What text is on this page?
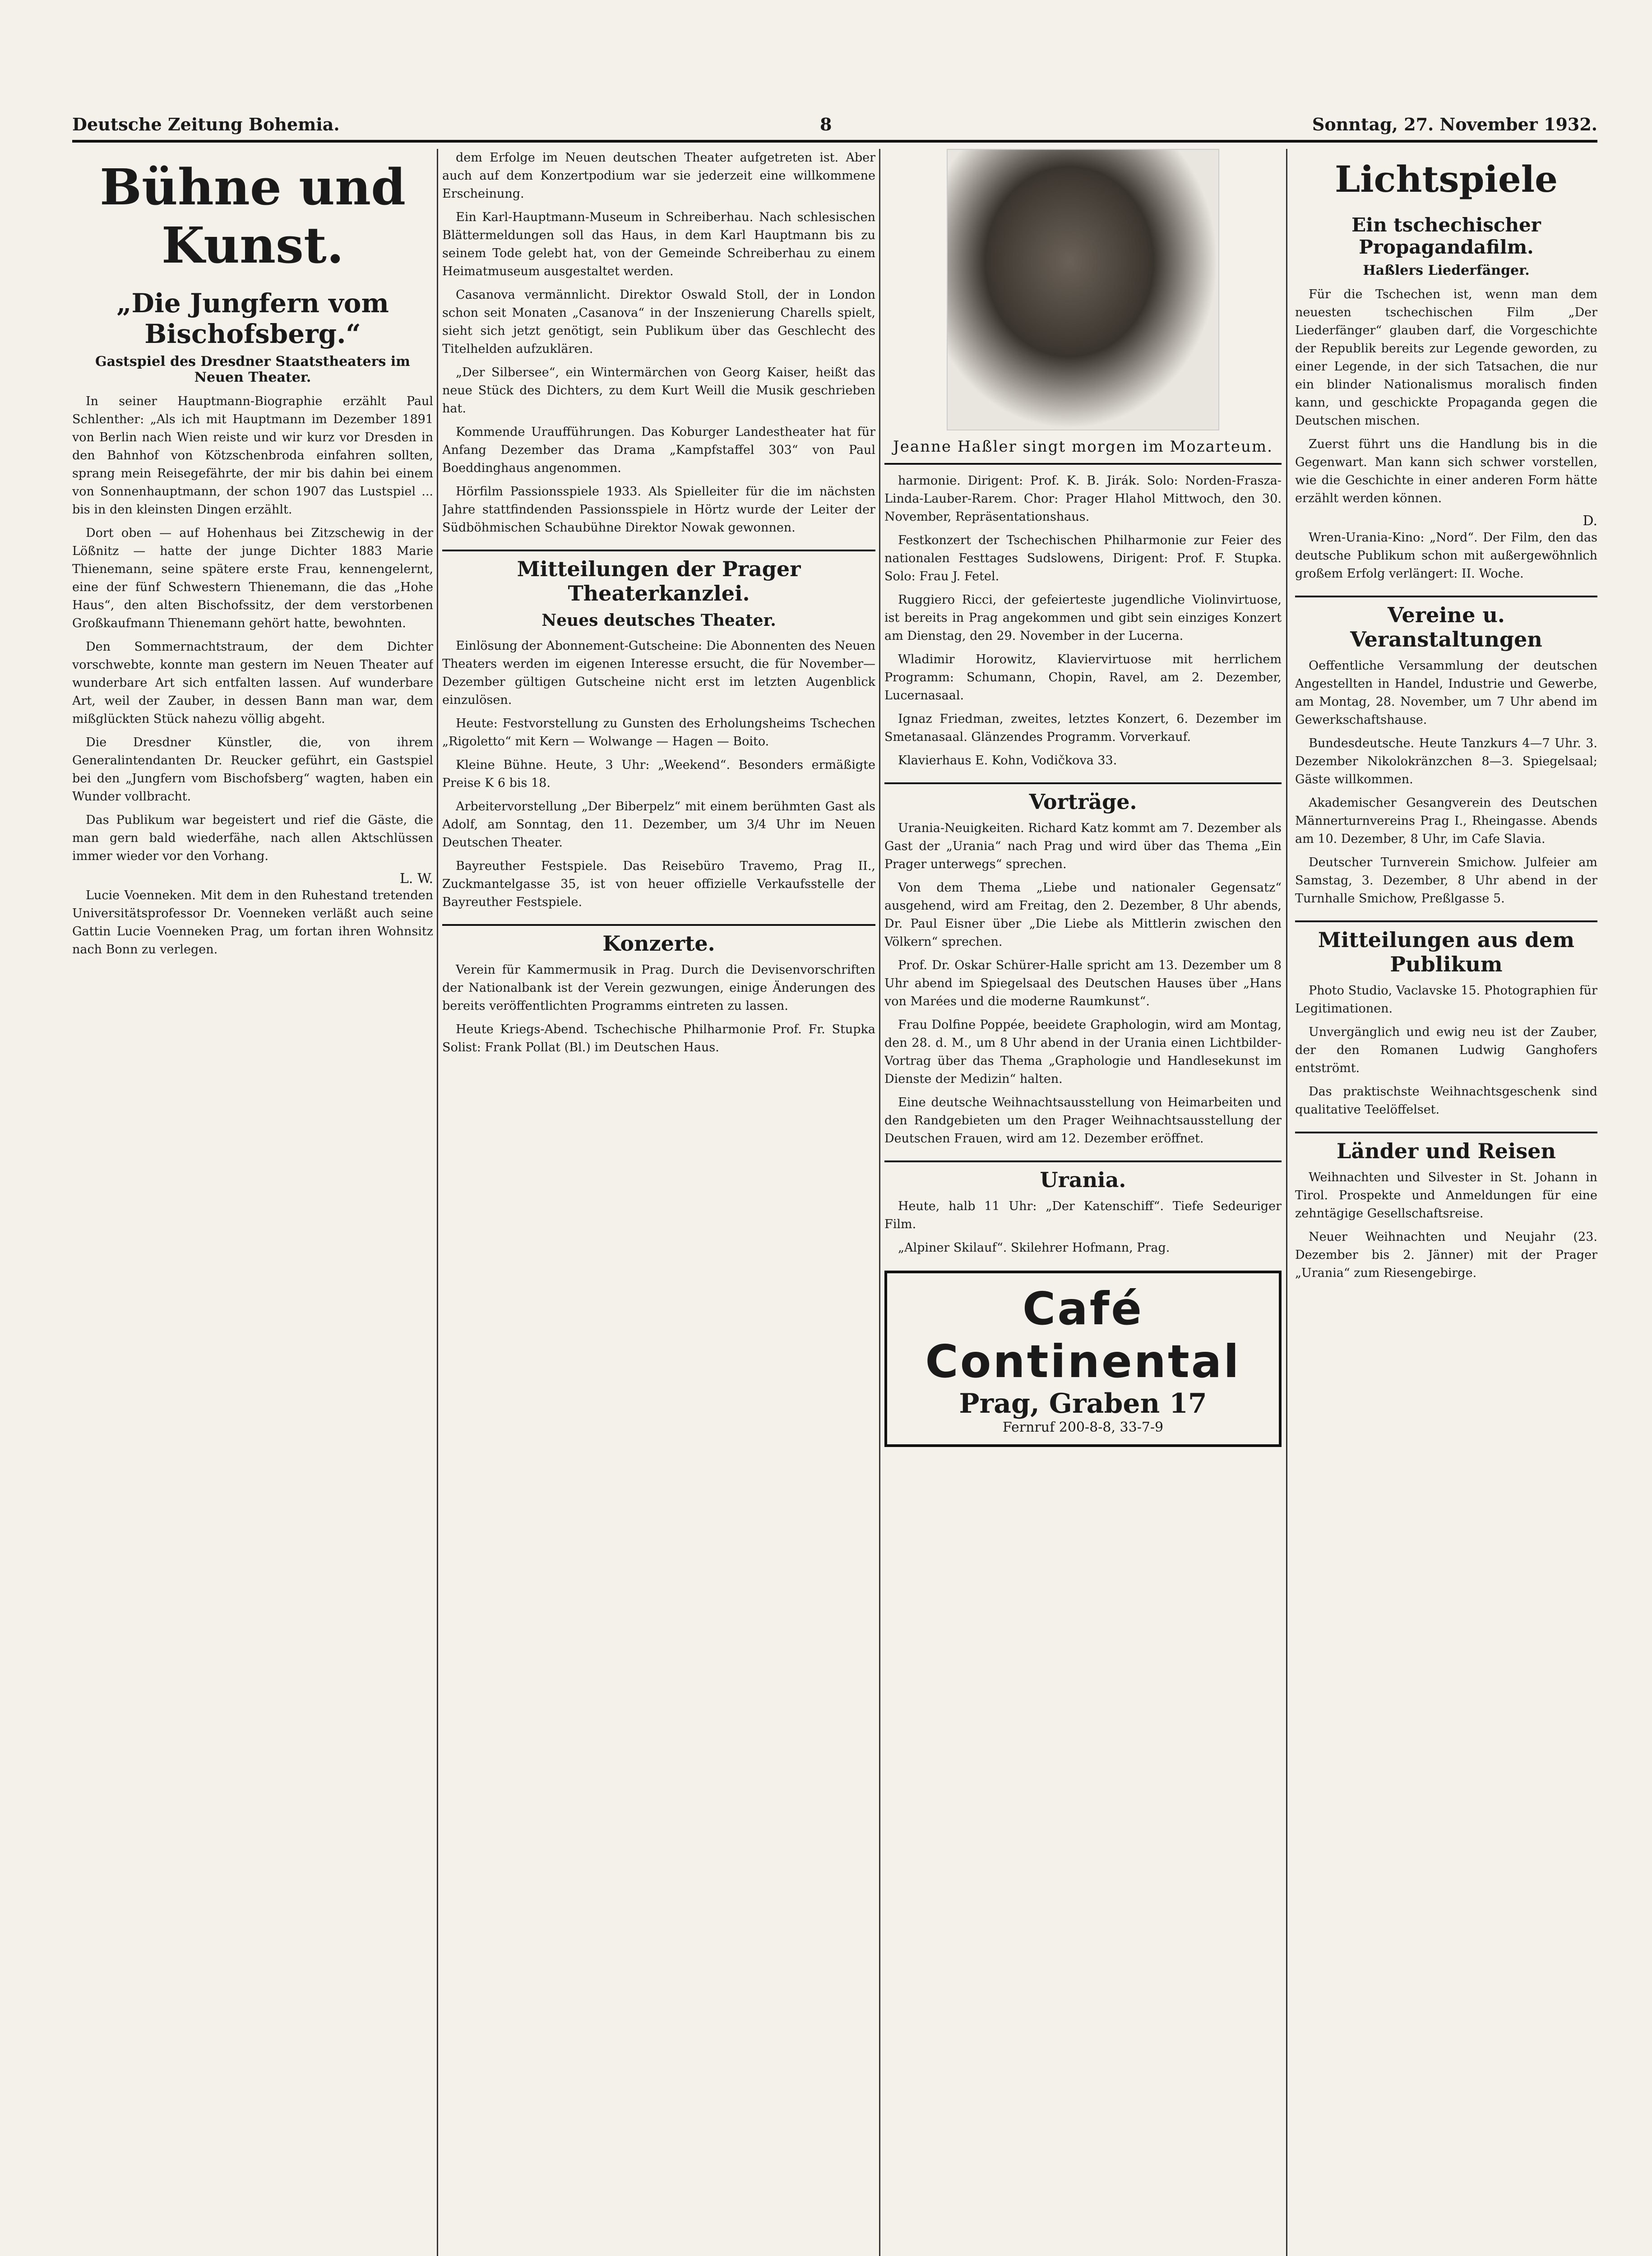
Deutsche Zeitung Bohemia.	8	Sonntag, 27. November 1932.
Bühne und Kunst.
„Die Jungfern vom Bischofsberg.“
Gastspiel des Dresdner Staatstheaters im Neuen Theater.

In seiner Hauptmann-Biographie erzählt Paul Schlenther: „Als ich mit Hauptmann im Dezember 1891 von Berlin nach Wien reiste und wir kurz vor Dresden in den Bahnhof von Kötzschenbroda einfahren sollten, sprang mein Reisegefährte, der mir bis dahin bei einem von Sonnenhauptmann, der schon 1907 das Lustspiel ... bis in den kleinsten Dingen erzählt.

Dort oben — auf Hohenhaus bei Zitzschewig in der Lößnitz — hatte der junge Dichter 1883 Marie Thienemann, seine spätere erste Frau, kennengelernt, eine der fünf Schwestern Thienemann, die das „Hohe Haus“, den alten Bischofssitz, der dem verstorbenen Großkaufmann Thienemann gehört hatte, bewohnten.

Den Sommernachtstraum, der dem Dichter vorschwebte, konnte man gestern im Neuen Theater auf wunderbare Art sich entfalten lassen. Auf wunderbare Art, weil der Zauber, in dessen Bann man war, dem mißglückten Stück nahezu völlig abgeht.

Die Dresdner Künstler, die, von ihrem Generalintendanten Dr. Reucker geführt, ein Gastspiel bei den „Jungfern vom Bischofsberg“ wagten, haben ein Wunder vollbracht.

Das Publikum war begeistert und rief die Gäste, die man gern bald wiederfähe, nach allen Aktschlüssen immer wieder vor den Vorhang.

L. W.

Lucie Voenneken. Mit dem in den Ruhestand tretenden Universitätsprofessor Dr. Voenneken verläßt auch seine Gattin Lucie Voenneken Prag, um fortan ihren Wohnsitz nach Bonn zu verlegen.

dem Erfolge im Neuen deutschen Theater aufgetreten ist. Aber auch auf dem Konzertpodium war sie jederzeit eine willkommene Erscheinung.

Ein Karl-Hauptmann-Museum in Schreiberhau. Nach schlesischen Blättermeldungen soll das Haus, in dem Karl Hauptmann bis zu seinem Tode gelebt hat, von der Gemeinde Schreiberhau zu einem Heimatmuseum ausgestaltet werden.

Casanova vermännlicht. Direktor Oswald Stoll, der in London schon seit Monaten „Casanova“ in der Inszenierung Charells spielt, sieht sich jetzt genötigt, sein Publikum über das Geschlecht des Titelhelden aufzuklären.

„Der Silbersee“, ein Wintermärchen von Georg Kaiser, heißt das neue Stück des Dichters, zu dem Kurt Weill die Musik geschrieben hat.

Kommende Uraufführungen. Das Koburger Landestheater hat für Anfang Dezember das Drama „Kampfstaffel 303“ von Paul Boeddinghaus angenommen.

Hörfilm Passionsspiele 1933. Als Spielleiter für die im nächsten Jahre stattfindenden Passionsspiele in Hörtz wurde der Leiter der Südböhmischen Schaubühne Direktor Nowak gewonnen.

Mitteilungen der Prager Theaterkanzlei.
Neues deutsches Theater.

Einlösung der Abonnement-Gutscheine: Die Abonnenten des Neuen Theaters werden im eigenen Interesse ersucht, die für November—Dezember gültigen Gutscheine nicht erst im letzten Augenblick einzulösen.

Heute: Festvorstellung zu Gunsten des Erholungsheims Tschechen „Rigoletto“ mit Kern — Wolwange — Hagen — Boito.

Kleine Bühne. Heute, 3 Uhr: „Weekend“. Besonders ermäßigte Preise K 6 bis 18.

Arbeitervorstellung „Der Biberpelz“ mit einem berühmten Gast als Adolf, am Sonntag, den 11. Dezember, um 3/4 Uhr im Neuen Deutschen Theater.

Bayreuther Festspiele. Das Reisebüro Travemo, Prag II., Zuckmantelgasse 35, ist von heuer offizielle Verkaufsstelle der Bayreuther Festspiele.

Konzerte.

Verein für Kammermusik in Prag. Durch die Devisenvorschriften der Nationalbank ist der Verein gezwungen, einige Änderungen des bereits veröffentlichten Programms eintreten zu lassen.

Heute Kriegs-Abend. Tschechische Philharmonie Prof. Fr. Stupka Solist: Frank Pollat (Bl.) im Deutschen Haus.

Jeanne Haßler singt morgen im Mozarteum.

harmonie. Dirigent: Prof. K. B. Jirák. Solo: Norden-Frasza-Linda-Lauber-Rarem. Chor: Prager Hlahol Mittwoch, den 30. November, Repräsentationshaus.

Festkonzert der Tschechischen Philharmonie zur Feier des nationalen Festtages Sudslowens, Dirigent: Prof. F. Stupka. Solo: Frau J. Fetel.

Ruggiero Ricci, der gefeierteste jugendliche Violinvirtuose, ist bereits in Prag angekommen und gibt sein einziges Konzert am Dienstag, den 29. November in der Lucerna.

Wladimir Horowitz, Klaviervirtuose mit herrlichem Programm: Schumann, Chopin, Ravel, am 2. Dezember, Lucernasaal.

Ignaz Friedman, zweites, letztes Konzert, 6. Dezember im Smetanasaal. Glänzendes Programm. Vorverkauf.

Klavierhaus E. Kohn, Vodičkova 33.

Vorträge.

Urania-Neuigkeiten. Richard Katz kommt am 7. Dezember als Gast der „Urania“ nach Prag und wird über das Thema „Ein Prager unterwegs“ sprechen.

Von dem Thema „Liebe und nationaler Gegensatz“ ausgehend, wird am Freitag, den 2. Dezember, 8 Uhr abends, Dr. Paul Eisner über „Die Liebe als Mittlerin zwischen den Völkern“ sprechen.

Prof. Dr. Oskar Schürer-Halle spricht am 13. Dezember um 8 Uhr abend im Spiegelsaal des Deutschen Hauses über „Hans von Marées und die moderne Raumkunst“.

Frau Dolfine Poppée, beeidete Graphologin, wird am Montag, den 28. d. M., um 8 Uhr abend in der Urania einen Lichtbilder-Vortrag über das Thema „Graphologie und Handlesekunst im Dienste der Medizin“ halten.

Eine deutsche Weihnachtsausstellung von Heimarbeiten und den Randgebieten um den Prager Weihnachtsausstellung der Deutschen Frauen, wird am 12. Dezember eröffnet.

Urania.

Heute, halb 11 Uhr: „Der Katenschiff“. Tiefe Sedeuriger Film.

„Alpiner Skilauf“. Skilehrer Hofmann, Prag.

Café Continental
Prag, Graben 17
Fernruf 200-8-8, 33-7-9
Lichtspiele
Ein tschechischer Propagandafilm.
Haßlers Liederfänger.

Für die Tschechen ist, wenn man dem neuesten tschechischen Film „Der Liederfänger“ glauben darf, die Vorgeschichte der Republik bereits zur Legende geworden, zu einer Legende, in der sich Tatsachen, die nur ein blinder Nationalismus moralisch finden kann, und geschickte Propaganda gegen die Deutschen mischen.

Zuerst führt uns die Handlung bis in die Gegenwart. Man kann sich schwer vorstellen, wie die Geschichte in einer anderen Form hätte erzählt werden können.

D.

Wren-Urania-Kino: „Nord“. Der Film, den das deutsche Publikum schon mit außergewöhnlich großem Erfolg verlängert: II. Woche.

Vereine u. Veranstaltungen

Oeffentliche Versammlung der deutschen Angestellten in Handel, Industrie und Gewerbe, am Montag, 28. November, um 7 Uhr abend im Gewerkschaftshause.

Bundesdeutsche. Heute Tanzkurs 4—7 Uhr. 3. Dezember Nikolokränzchen 8—3. Spiegelsaal; Gäste willkommen.

Akademischer Gesangverein des Deutschen Männerturnvereins Prag I., Rheingasse. Abends am 10. Dezember, 8 Uhr, im Cafe Slavia.

Deutscher Turnverein Smichow. Julfeier am Samstag, 3. Dezember, 8 Uhr abend in der Turnhalle Smichow, Preßlgasse 5.

Mitteilungen aus dem Publikum

Photo Studio, Vaclavske 15. Photographien für Legitimationen.

Unvergänglich und ewig neu ist der Zauber, der den Romanen Ludwig Ganghofers entströmt.

Das praktischste Weihnachtsgeschenk sind qualitative Teelöffelset.

Länder und Reisen

Weihnachten und Silvester in St. Johann in Tirol. Prospekte und Anmeldungen für eine zehntägige Gesellschaftsreise.

Neuer Weihnachten und Neujahr (23. Dezember bis 2. Jänner) mit der Prager „Urania“ zum Riesengebirge.
